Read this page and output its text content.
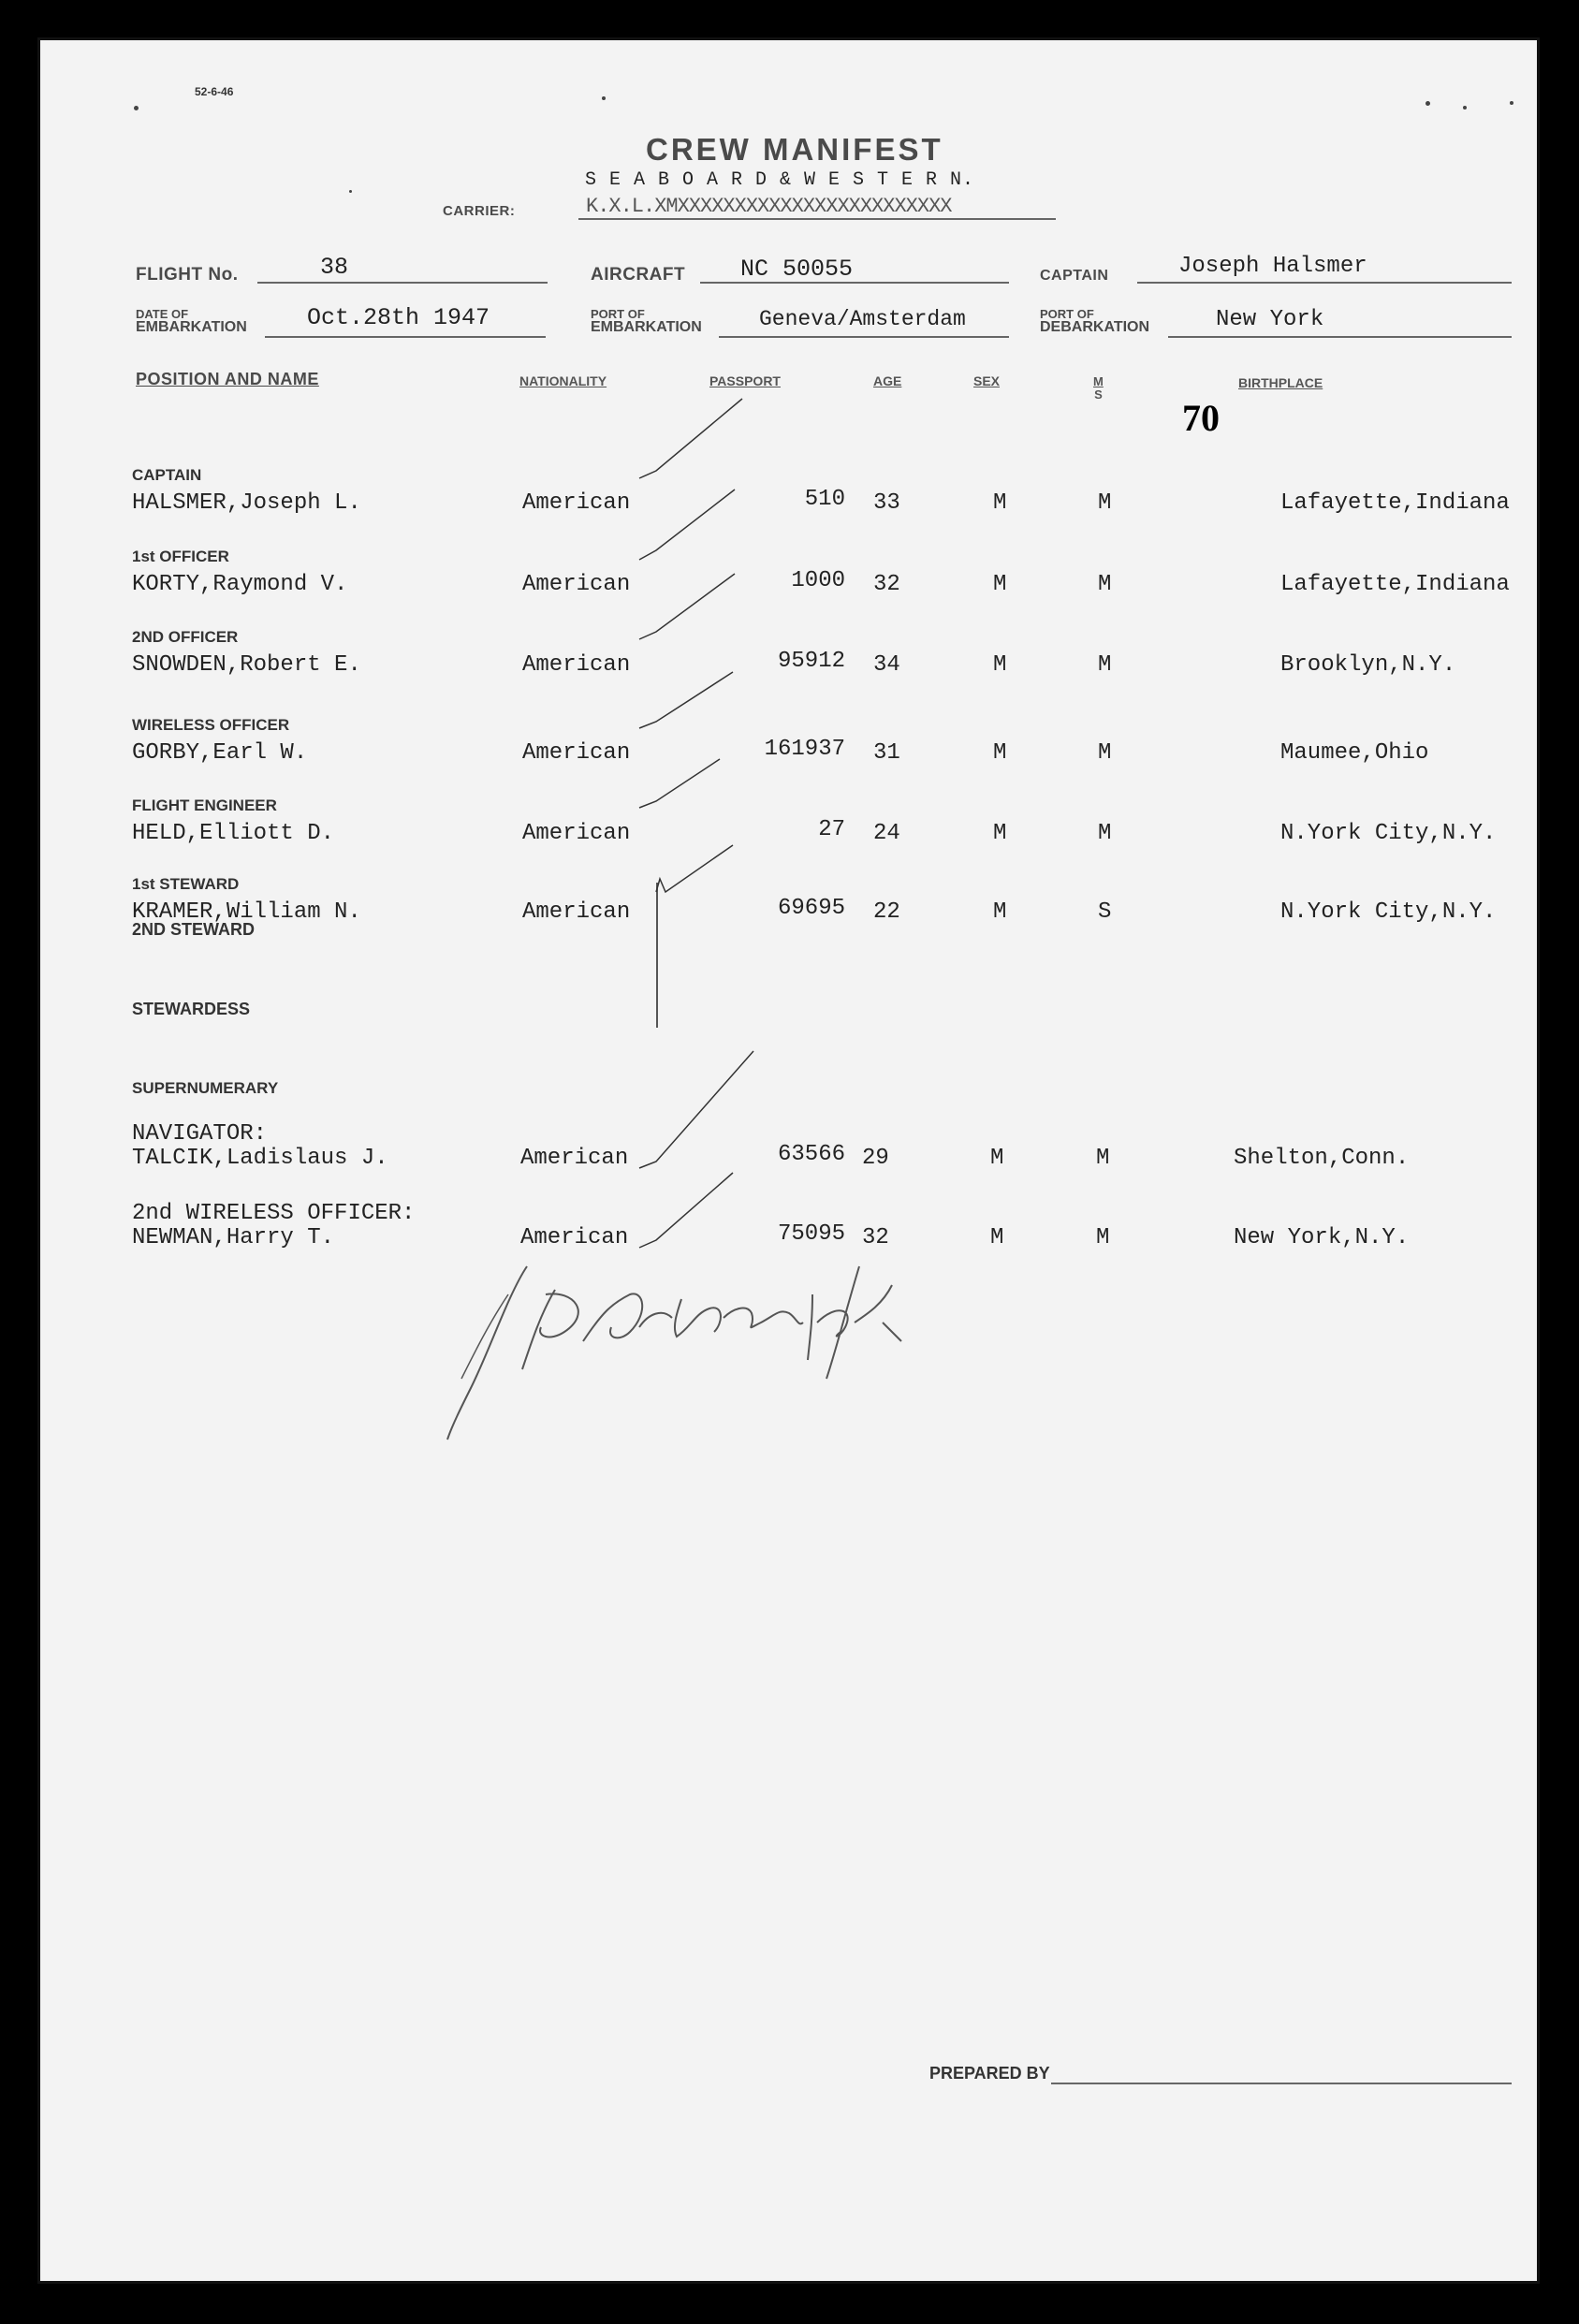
52-6-46
CREW MANIFEST
S E A B O A R D & W E S T E R N.
CARRIER:	K.X.L.XMXXXXXXXXXXXXXXXXXXXXXXXX
FLIGHT No.	38	AIRCRAFT NC 50055	CAPTAIN	Joseph Halsmer
DATE OF
EMBARKATION	Oct.28th 1947	PORT OF
EMBARKATION	Geneva/Amsterdam	PORT OF
DEBARKATION	New York
POSITION AND NAME	NATIONALITY	PASSPORT	AGE	SEX	M
S
BIRTHPLACE
70
CAPTAIN
HALSMER,Joseph L.	American	510 33	M	M	Lafayette,Indiana
1st OFFICER
KORTY,Raymond V.	American	1000 32	M	M	Lafayette,Indiana
2ND OFFICER
SNOWDEN,Robert E.	American	95912 34	M	M	Brooklyn,N.Y.
WIRELESS OFFICER
GORBY,Earl W.	American	161937 31	M	M	Maumee,Ohio
FLIGHT ENGINEER
HELD,Elliott D.	American	27 24	M	M	N.York City,N.Y.
1st STEWARD
KRAMER,William N.	American	69695 22	M	S	N.York City,N.Y.
2ND STEWARD
STEWARDESS
SUPERNUMERARY
NAVIGATOR:
TALCIK,Ladislaus J.	American	63566 29	M	M	Shelton,Conn.
2nd WIRELESS OFFICER:
NEWMAN,Harry T.	American	75095 32	M	M	New York,N.Y.
PREPARED BY
